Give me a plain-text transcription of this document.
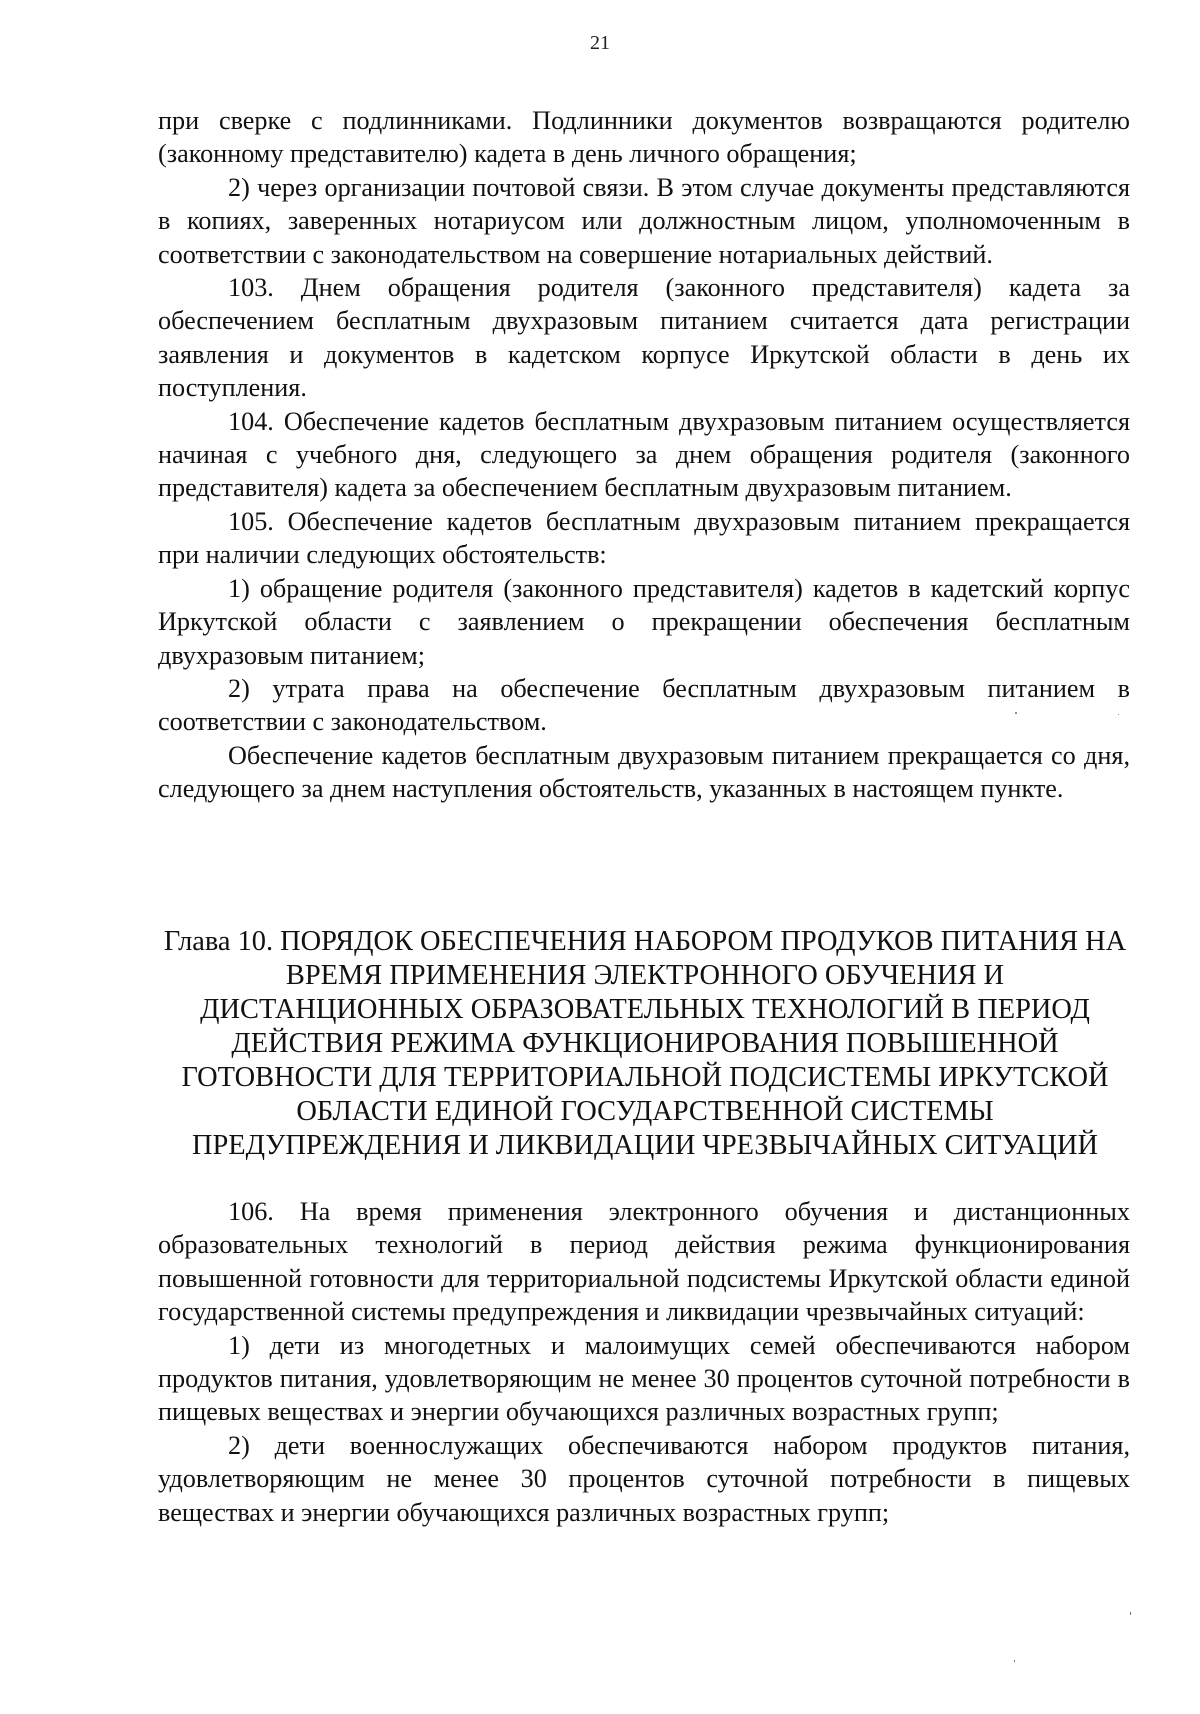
21

при сверке с подлинниками. Подлинники документов возвращаются родителю (законному представителю) кадета в день личного обращения;

2) через организации почтовой связи. В этом случае документы представляются в копиях, заверенных нотариусом или должностным лицом, уполномоченным в соответствии с законодательством на совершение нотариальных действий.

103. Днем обращения родителя (законного представителя) кадета за обеспечением бесплатным двухразовым питанием считается дата регистрации заявления и документов в кадетском корпусе Иркутской области в день их поступления.

104. Обеспечение кадетов бесплатным двухразовым питанием осуществляется начиная с учебного дня, следующего за днем обращения родителя (законного представителя) кадета за обеспечением бесплатным двухразовым питанием.

105. Обеспечение кадетов бесплатным двухразовым питанием прекращается при наличии следующих обстоятельств:

1) обращение родителя (законного представителя) кадетов в кадетский корпус Иркутской области с заявлением о прекращении обеспечения бесплатным двухразовым питанием;

2) утрата права на обеспечение бесплатным двухразовым питанием в соответствии с законодательством.

Обеспечение кадетов бесплатным двухразовым питанием прекращается со дня, следующего за днем наступления обстоятельств, указанных в настоящем пункте.

Глава 10. ПОРЯДОК ОБЕСПЕЧЕНИЯ НАБОРОМ ПРОДУКОВ ПИТАНИЯ НА
ВРЕМЯ ПРИМЕНЕНИЯ ЭЛЕКТРОННОГО ОБУЧЕНИЯ И
ДИСТАНЦИОННЫХ ОБРАЗОВАТЕЛЬНЫХ ТЕХНОЛОГИЙ В ПЕРИОД
ДЕЙСТВИЯ РЕЖИМА ФУНКЦИОНИРОВАНИЯ ПОВЫШЕННОЙ
ГОТОВНОСТИ ДЛЯ ТЕРРИТОРИАЛЬНОЙ ПОДСИСТЕМЫ ИРКУТСКОЙ
ОБЛАСТИ ЕДИНОЙ ГОСУДАРСТВЕННОЙ СИСТЕМЫ
ПРЕДУПРЕЖДЕНИЯ И ЛИКВИДАЦИИ ЧРЕЗВЫЧАЙНЫХ СИТУАЦИЙ

106. На время применения электронного обучения и дистанционных образовательных технологий в период действия режима функционирования повышенной готовности для территориальной подсистемы Иркутской области единой государственной системы предупреждения и ликвидации чрезвычайных ситуаций:

1) дети из многодетных и малоимущих семей обеспечиваются набором продуктов питания, удовлетворяющим не менее 30 процентов суточной потребности в пищевых веществах и энергии обучающихся различных возрастных групп;

2) дети военнослужащих обеспечиваются набором продуктов питания, удовлетворяющим не менее 30 процентов суточной потребности в пищевых веществах и энергии обучающихся различных возрастных групп;
